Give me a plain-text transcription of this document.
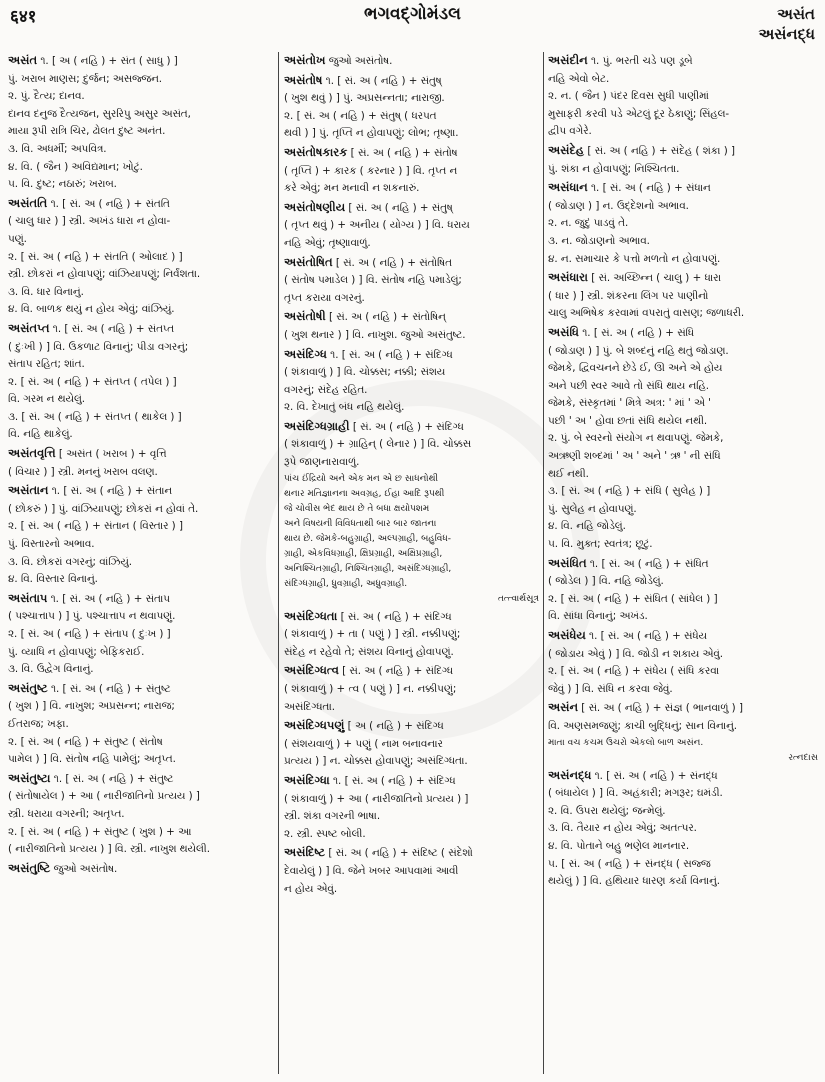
६४१	ભગવદ્ગોમંડલ	અસંત
અસંનદ્ધ
અસંત ૧. [ અ ( નહિ ) + સંત ( સાધુ ) ]
પું. ખરાબ માણસ; દુર્જન; અસજ્જન.
૨. પું. દૈત્ય; દાનવ.
દાનવ દનુજ દૈત્યજન, સુરરિપુ અસુર અસંત,
માયા રૂપી રાત્રિ ચિર, ઢોલત દુષ્ટ અનંત.
૩. વિ. અધર્મી; અપવિત્ર.
૪. વિ. ( જૈન ) અવિદ્યમાન; ખોટું.
૫. વિ. દુષ્ટ; નઠારું; ખરાબ.
અસંતતિ ૧. [ સં. અ ( નહિ ) + સંતતિ
( ચાલુ ધાર ) ] સ્ત્રી. અખંડ ધારા ન હોવા-
પણું.
૨. [ સં. અ ( નહિ ) + સંતતિ ( ઓલાદ ) ]
સ્ત્રી. છોકરાં ન હોવાપણું; વાંઝિયાપણું; નિર્વંશતા.
૩. વિ. ધાર વિનાનું.
૪. વિ. બાળક થયું ન હોય એવું; વાંઝિયું.
અસંતપ્ત ૧. [ સં. અ ( નહિ ) + સંતપ્ત
( દુઃખી ) ] વિ. ઉકળાટ વિનાનું; પીડા વગરનું;
સંતાપ રહિત; શાંત.
૨. [ સં. અ ( નહિ ) + સંતપ્ત ( તપેલ ) ]
વિ. ગરમ ન થયેલું.
૩. [ સં. અ ( નહિ ) + સંતપ્ત ( થાકેલ ) ]
વિ. નહિ થાકેલું.
અસંતવૃત્તિ [ અસંત ( ખરાબ ) + વૃત્તિ
( વિચાર ) ] સ્ત્રી. મનનું ખરાબ વલણ.
અસંતાન ૧. [ સં. અ ( નહિ ) + સંતાન
( છોકરું ) ] પું. વાંઝિયાપણું; છોકરાં ન હોવાં તે.
૨. [ સં. અ ( નહિ ) + સંતાન ( વિસ્તાર ) ]
પું. વિસ્તારનો અભાવ.
૩. વિ. છોકરાં વગરનું; વાંઝિયું.
૪. વિ. વિસ્તાર વિનાનું.
અસંતાપ ૧. [ સં. અ ( નહિ ) + સંતાપ
( પશ્ચાત્તાપ ) ] પું. પશ્ચાત્તાપ ન થવાપણું.
૨. [ સં. અ ( નહિ ) + સંતાપ ( દુઃખ ) ]
પું. વ્યાધિ ન હોવાપણું; બેફિકરાઈ.
૩. વિ. ઉદ્વેગ વિનાનું.
અસંતુષ્ટ ૧. [ સં. અ ( નહિ ) + સંતુષ્ટ
( ખુશ ) ] વિ. નાખુશ; અપ્રસન્ન; નારાજ;
ઈતરાજ; ખફા.
૨. [ સં. અ ( નહિ ) + સંતુષ્ટ ( સંતોષ
પામેલ ) ] વિ. સંતોષ નહિ પામેલું; અતૃપ્ત.
અસંતુષ્ટા ૧. [ સં. અ ( નહિ ) + સંતુષ્ટ
( સંતોષાયેલ ) + આ ( નારીજાતિનો પ્રત્યય ) ]
સ્ત્રી. ધરાયા વગરની; અતૃપ્ત.
૨. [ સં. અ ( નહિ ) + સંતુષ્ટ ( ખુશ ) + આ
( નારીજાતિનો પ્રત્યય ) ] વિ. સ્ત્રી. નાખુશ થયેલી.
અસંતુષ્ટિ જુઓ અસંતોષ.
અસંતોખ જુઓ અસંતોષ.
અસંતોષ ૧. [ સં. અ ( નહિ ) + સંતુષ્
( ખુશ થવું ) ] પું. અપ્રસન્નતા; નારાજી.
૨. [ સં. અ ( નહિ ) + સંતુષ્ ( ધરપત
થવી ) ] પું. તૃપ્તિ ન હોવાપણું; લોભ; તૃષ્ણા.
અસંતોષકારક [ સં. અ ( નહિ ) + સંતોષ
( તૃપ્તિ ) + કારક ( કરનાર ) ] વિ. તૃપ્ત ન
કરે એવું; મન મનાવી ન શકનારું.
અસંતોષણીય [ સં. અ ( નહિ ) + સંતુષ્
( તૃપ્ત થવું ) + અનીય ( યોગ્ય ) ] વિ. ધરાય
નહિ એવું; તૃષ્ણાવાળું.
અસંતોષિત [ સં. અ ( નહિ ) + સંતોષિત
( સંતોષ પમાડેલ ) ] વિ. સંતોષ નહિ પમાડેલું;
તૃપ્ત કરાયા વગરનું.
અસંતોષી [ સં. અ ( નહિ ) + સંતોષિન્
( ખુશ થનાર ) ] વિ. નાખુશ. જુઓ અસંતુષ્ટ.
અસંદિગ્ધ ૧. [ સં. અ ( નહિ ) + સંદિગ્ધ
( શંકાવાળું ) ] વિ. ચોક્કસ; નક્કી; સંશય
વગરનું; સંદેહ રહિત.
૨. વિ. દેખાતું બંધ નહિ થયેલું.
અસંદિગ્ધગ્રાહી [ સં. અ ( નહિ ) + સંદિગ્ધ
( શંકાવાળું ) + ગ્રાહિન્ ( લેનાર ) ] વિ. ચોક્કસ
રૂપે જાણનારાવાળું.
પાંચ ઈંદ્રિયો અને એક મન એ છ સાધનોથી
થનાર મતિજ્ઞાનના અવગ્રહ, ઈહા આદિ રૂપથી
જે ચોવીસ ભેદ થાય છે તે બધા ક્ષયોપશમ
અને વિષયની વિવિધતાથી બાર બાર જાતના
થાય છે. જેમકે-બહુગ્રાહી, અલ્પગ્રાહી, બહુવિધ-
ગ્રાહી, એકવિધગ્રાહી, ક્ષિપ્રગ્રાહી, અક્ષિપ્રગ્રાહી,
અનિશ્ચિતગ્રાહી, નિશ્ચિતગ્રાહી, અસંદિગ્ધગ્રાહી,
સંદિગ્ધગ્રાહી, ધ્રુવગ્રાહી, અધ્રુવગ્રાહી.
તત્ત્વાર્થસૂત્ર
અસંદિગ્ધતા [ સં. અ ( નહિ ) + સંદિગ્ધ
( શંકાવાળું ) + તા ( પણું ) ] સ્ત્રી. નક્કીપણું;
સંદેહ ન રહેવો તે; સંશય વિનાનું હોવાપણું.
અસંદિગ્ધત્વ [ સં. અ ( નહિ ) + સંદિગ્ધ
( શંકાવાળું ) + ત્વ ( પણું ) ] ન. નક્કીપણું;
અસંદિગ્ધતા.
અસંદિગ્ધપણું [ અ ( નહિ ) + સંદિગ્ધ
( સંશયવાળું ) + પણું ( નામ બનાવનાર
પ્રત્યય ) ] ન. ચોક્કસ હોવાપણું; અસંદિગ્ધતા.
અસંદિગ્ધા ૧. [ સં. અ ( નહિ ) + સંદિગ્ધ
( શંકાવાળું ) + આ ( નારીજાતિનો પ્રત્યય ) ]
સ્ત્રી. શંકા વગરની ભાષા.
૨. સ્ત્રી. સ્પષ્ટ બોલી.
અસંદિષ્ટ [ સં. અ ( નહિ ) + સંદિષ્ટ ( સંદેશો
દેવાયેલું ) ] વિ. જેને ખબર આપવામાં આવી
ન હોય એવું.
અસંદીન ૧. પું. ભરતી ચડે પણ ડૂબે
નહિ એવો બેટ.
૨. ન. ( જૈન ) પંદર દિવસ સુધી પાણીમાં
મુસાફરી કરવી પડે એટલું દૂર ઠેકાણું; સિંહલ-
દ્વીપ વગેરે.
અસંદેહ [ સં. અ ( નહિ ) + સંદેહ ( શંકા ) ]
પું. શંકા ન હોવાપણું; નિશ્ચિતતા.
અસંધાન ૧. [ સં. અ ( નહિ ) + સંધાન
( જોડાણ ) ] ન. ઉદ્દેશનો અભાવ.
૨. ન. જુદું પાડવું તે.
૩. ન. જોડાણનો અભાવ.
૪. ન. સમાચાર કે પત્તો મળતો ન હોવાપણું.
અસંધારા [ સં. અચ્છિન્ન ( ચાલુ ) + ધારા
( ધાર ) ] સ્ત્રી. શંકરના લિંગ પર પાણીનો
ચાલુ અભિષેક કરવામાં વપરાતું વાસણ; જળાધરી.
અસંધિ ૧. [ સં. અ ( નહિ ) + સંધિ
( જોડાણ ) ] પું. બે શબ્દનું નહિ થતું જોડાણ.
જેમકે, દ્વિવચનને છેડે ઈ, ઊ અને એ હોય
અને પછી સ્વર આવે તો સંધિ થાય નહિ.
જેમકે, સંસ્કૃતમાં ' મિત્રે અત્ર: ' માં ' એ '
પછી ' અ ' હોવા છતાં સંધિ થયેલ નથી.
૨. પું. બે સ્વરનો સંયોગ ન થવાપણું. જેમકે,
અઋણી શબ્દમાં ' અ ' અને ' ઋ ' ની સંધિ
થઈ નથી.
૩. [ સં. અ ( નહિ ) + સંધિ ( સુલેહ ) ]
પું. સુલેહ ન હોવાપણું.
૪. વિ. નહિ જોડેલું.
૫. વિ. મુક્ત; સ્વતંત્ર; છૂટું.
અસંધિત ૧. [ સં. અ ( નહિ ) + સંધિત
( જોડેલ ) ] વિ. નહિ જોડેલું.
૨. [ સં. અ ( નહિ ) + સંધિત ( સાંધેલ ) ]
વિ. સાંધા વિનાનું; અખંડ.
અસંધેય ૧. [ સં. અ ( નહિ ) + સંધેય
( જોડાય એવું ) ] વિ. જોડી ન શકાય એવું.
૨. [ સં. અ ( નહિ ) + સંધેય ( સંધિ કરવા
જેવું ) ] વિ. સંધિ ન કરવા જેવું.
અસંન [ સં. અ ( નહિ ) + સંજ્ઞ ( ભાનવાળું ) ]
વિ. અણસમજણું; કાચી બુદ્ધિનું; સાન વિનાનું.
માતા વચ કચમ ઉચરો એકલો બાળ અસંન.
રત્નદાસ
અસંનદ્ધ ૧. [ સં. અ ( નહિ ) + સંનદ્ધ
( બંધાયેલ ) ] વિ. અહંકારી; મગરૂર; ઘમંડી.
૨. વિ. ઉપરા થયેલું; જન્મેલું.
૩. વિ. તૈયાર ન હોય એવું; અતત્પર.
૪. વિ. પોતાને બહુ ભણેલ માનનાર.
૫. [ સં. અ ( નહિ ) + સંનદ્ધ ( સજ્જ
થયેલું ) ] વિ. હથિયાર ધારણ કર્યા વિનાનું.
